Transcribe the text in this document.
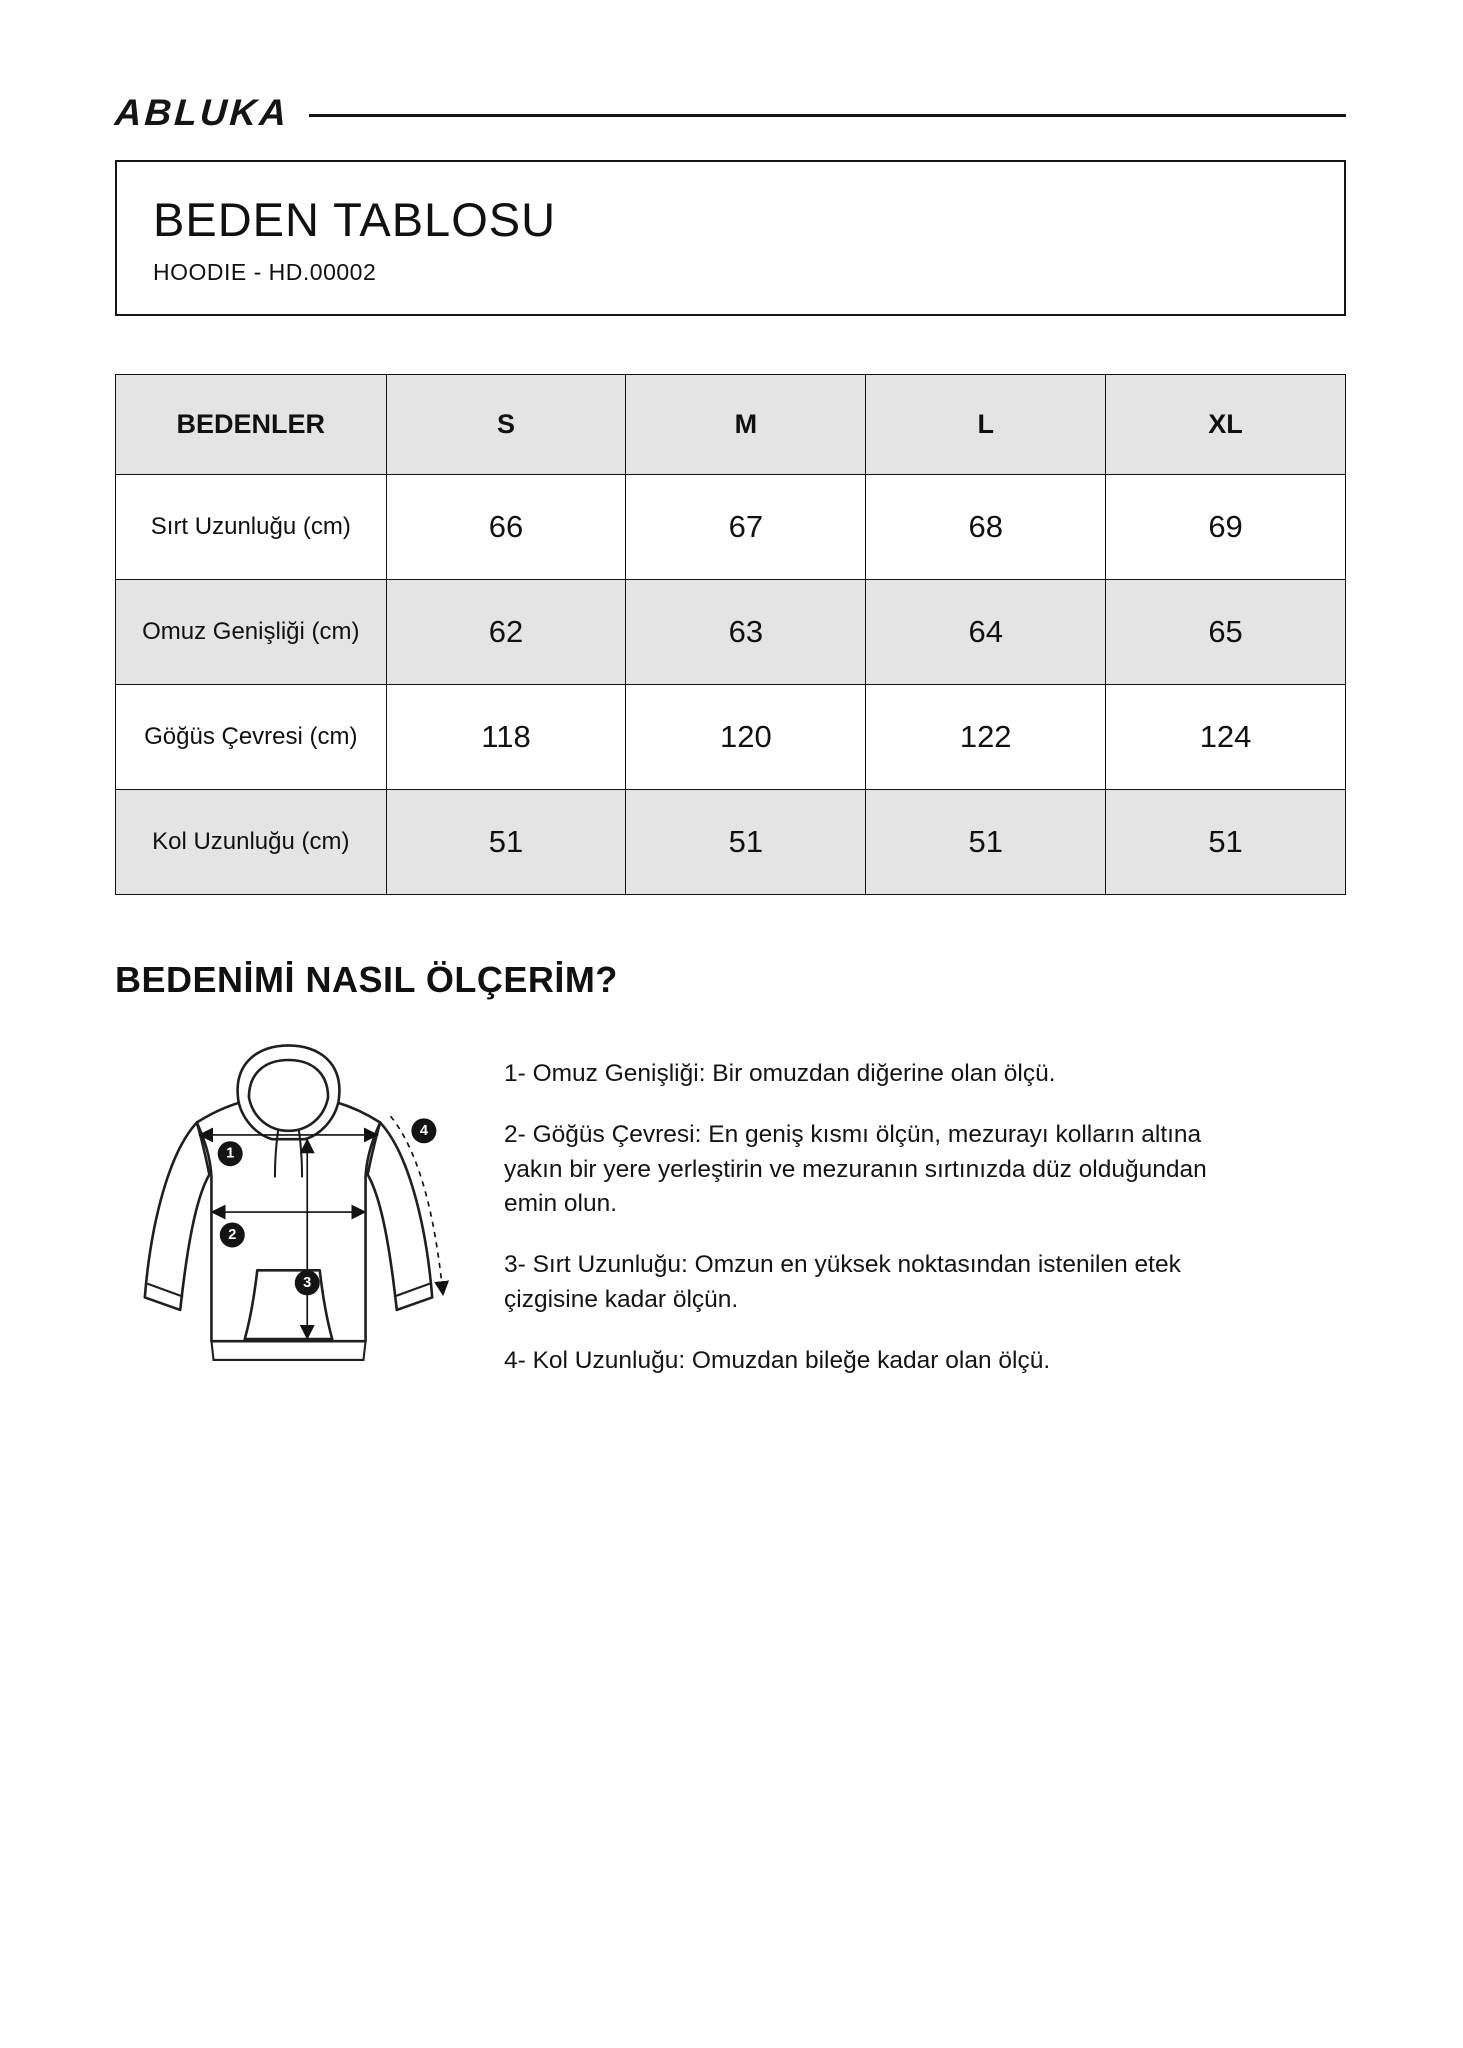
ABLUKA
BEDEN TABLOSU
HOODIE - HD.00002
BEDENLER	S	M	L	XL
Sırt Uzunluğu (cm)	66	67	68	69
Omuz Genişliği (cm)	62	63	64	65
Göğüs Çevresi (cm)	118	120	122	124
Kol Uzunluğu (cm)	51	51	51	51
BEDENİMİ NASIL ÖLÇERİM?
1
2
3
4

1- Omuz Genişliği: Bir omuzdan diğerine olan ölçü.

2- Göğüs Çevresi: En geniş kısmı ölçün, mezurayı kolların altına yakın bir yere yerleştirin ve mezuranın sırtınızda düz olduğundan emin olun.

3- Sırt Uzunluğu: Omzun en yüksek noktasından istenilen etek çizgisine kadar ölçün.

4- Kol Uzunluğu: Omuzdan bileğe kadar olan ölçü.
